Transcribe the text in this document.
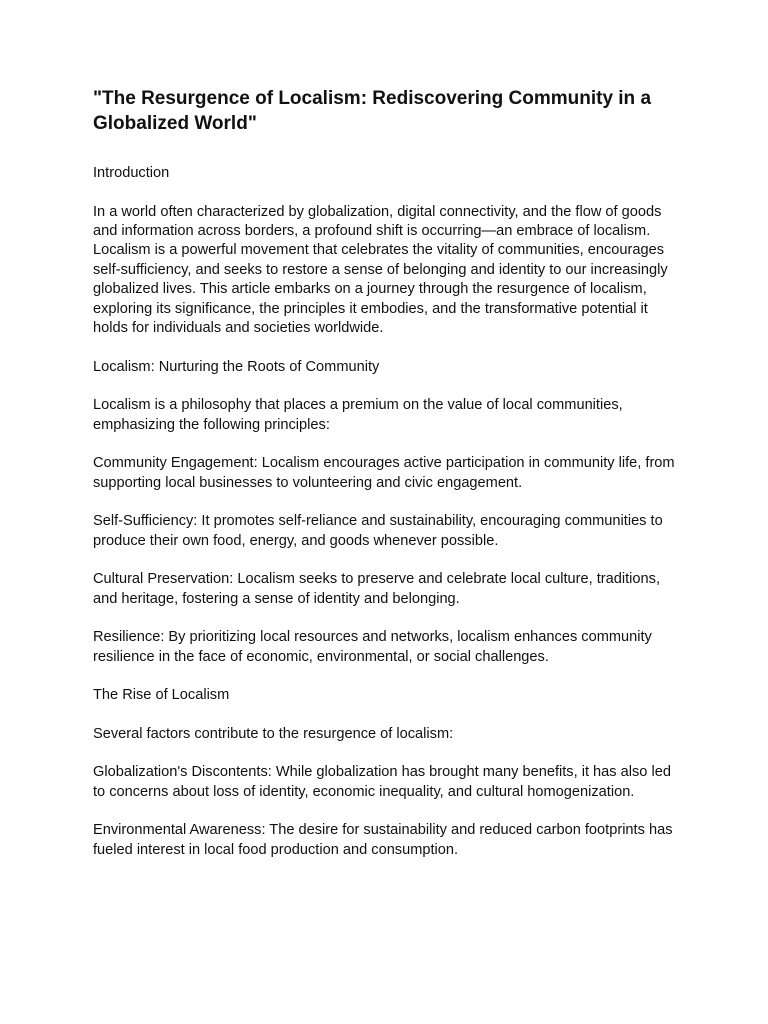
"The Resurgence of Localism: Rediscovering Community in a Globalized World"

Introduction

In a world often characterized by globalization, digital connectivity, and the flow of goods and information across borders, a profound shift is occurring—an embrace of localism. Localism is a powerful movement that celebrates the vitality of communities, encourages self-sufficiency, and seeks to restore a sense of belonging and identity to our increasingly globalized lives. This article embarks on a journey through the resurgence of localism, exploring its significance, the principles it embodies, and the transformative potential it holds for individuals and societies worldwide.

Localism: Nurturing the Roots of Community

Localism is a philosophy that places a premium on the value of local communities, emphasizing the following principles:

Community Engagement: Localism encourages active participation in community life, from supporting local businesses to volunteering and civic engagement.

Self-Sufficiency: It promotes self-reliance and sustainability, encouraging communities to produce their own food, energy, and goods whenever possible.

Cultural Preservation: Localism seeks to preserve and celebrate local culture, traditions, and heritage, fostering a sense of identity and belonging.

Resilience: By prioritizing local resources and networks, localism enhances community resilience in the face of economic, environmental, or social challenges.

The Rise of Localism

Several factors contribute to the resurgence of localism:

Globalization's Discontents: While globalization has brought many benefits, it has also led to concerns about loss of identity, economic inequality, and cultural homogenization.

Environmental Awareness: The desire for sustainability and reduced carbon footprints has fueled interest in local food production and consumption.
